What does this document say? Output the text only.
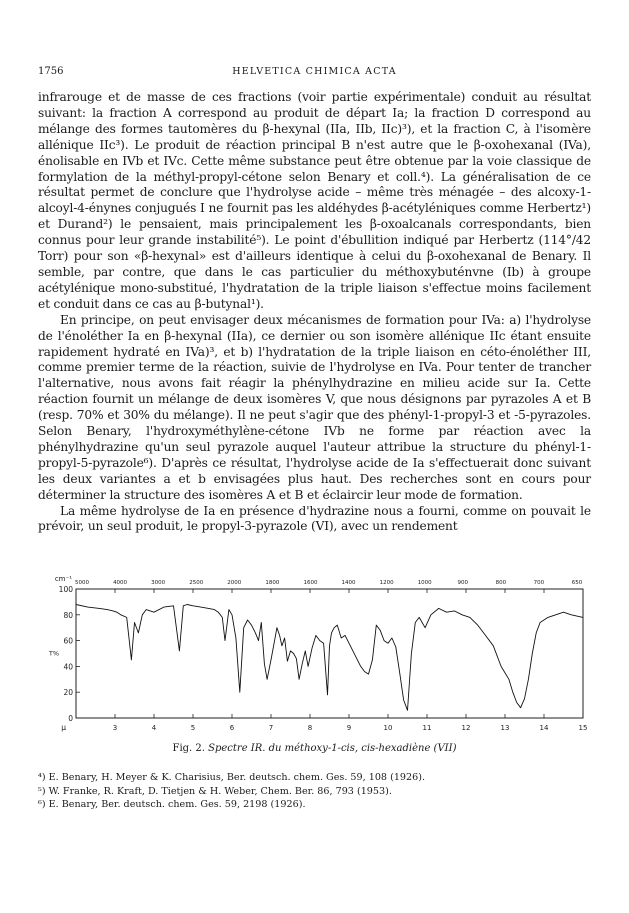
1756	HELVETICA CHIMICA ACTA

infrarouge et de masse de ces fractions (voir partie expérimentale) conduit au résultat suivant: la fraction A correspond au produit de départ Ia; la fraction D correspond au mélange des formes tautomères du β-hexynal (IIa, IIb, IIc)³), et la fraction C, à l'isomère allénique IIc³). Le produit de réaction principal B n'est autre que le β-oxohexanal (IVa), énolisable en IVb et IVc. Cette même substance peut être obtenue par la voie classique de formylation de la méthyl-propyl-cétone selon Benary et coll.⁴). La généralisation de ce résultat permet de conclure que l'hydrolyse acide – même très ménagée – des alcoxy-1-alcoyl-4-énynes conjugués I ne fournit pas les aldéhydes β-acétyléniques comme Herbertz¹) et Durand²) le pensaient, mais principalement les β-oxoalcanals correspondants, bien connus pour leur grande instabilité⁵). Le point d'ébullition indiqué par Herbertz (114°/42 Torr) pour son «β-hexynal» est d'ailleurs identique à celui du β-oxohexanal de Benary. Il semble, par contre, que dans le cas particulier du méthoxybuténvne (Ib) à groupe acétylénique mono-substitué, l'hydratation de la triple liaison s'effectue moins facilement et conduit dans ce cas au β-butynal¹).

En principe, on peut envisager deux mécanismes de formation pour IVa: a) l'hydrolyse de l'énoléther Ia en β-hexynal (IIa), ce dernier ou son isomère allénique IIc étant ensuite rapidement hydraté en IVa)³, et b) l'hydratation de la triple liaison en céto-énoléther III, comme premier terme de la réaction, suivie de l'hydrolyse en IVa. Pour tenter de trancher l'alternative, nous avons fait réagir la phénylhydrazine en milieu acide sur Ia. Cette réaction fournit un mélange de deux isomères V, que nous désignons par pyrazoles A et B (resp. 70% et 30% du mélange). Il ne peut s'agir que des phényl-1-propyl-3 et -5-pyrazoles. Selon Benary, l'hydroxyméthylène-cétone IVb ne forme par réaction avec la phénylhydrazine qu'un seul pyrazole auquel l'auteur attribue la structure du phényl-1-propyl-5-pyrazole⁶). D'après ce résultat, l'hydrolyse acide de Ia s'effectuerait donc suivant les deux variantes a et b envisagées plus haut. Des recherches sont en cours pour déterminer la structure des isomères A et B et éclaircir leur mode de formation.

La même hydrolyse de Ia en présence d'hydrazine nous a fourni, comme on pouvait le prévoir, un seul produit, le propyl-3-pyrazole (VI), avec un rendement

5000	4000	3000	2500	2000	1800	1600	1400	1200	1000	900	800	700	650
cm⁻¹
3	4	5	6	7	8	9	10	11	12	13	14	15
µ
0
20
40
60
80
100
T%
Fig. 2. Spectre IR. du méthoxy-1-cis, cis-hexadiène (VII)

⁴) E. Benary, H. Meyer & K. Charisius, Ber. deutsch. chem. Ges. 59, 108 (1926).

⁵) W. Franke, R. Kraft, D. Tietjen & H. Weber, Chem. Ber. 86, 793 (1953).

⁶) E. Benary, Ber. deutsch. chem. Ges. 59, 2198 (1926).
